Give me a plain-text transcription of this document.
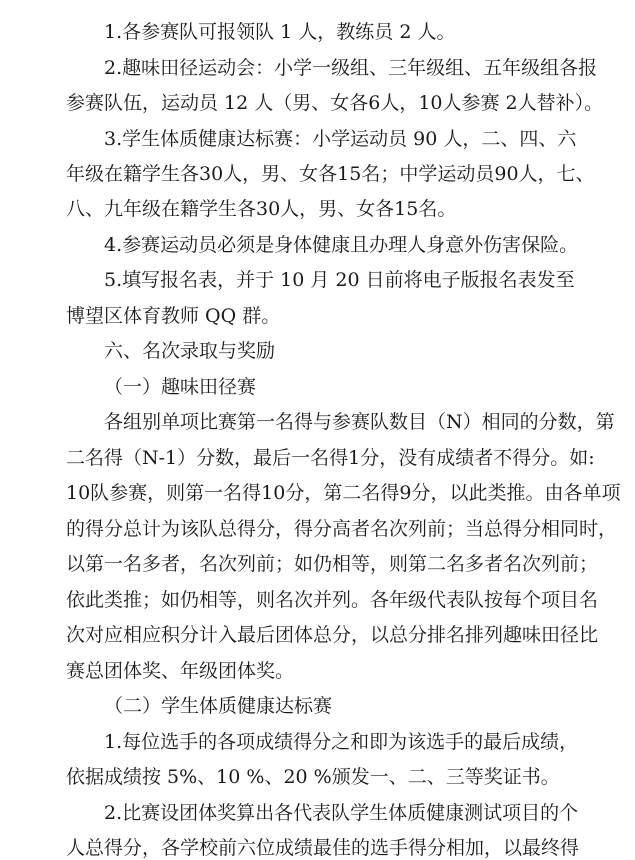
1.各参赛队可报领队 1 人，教练员 2 人。
2.趣味田径运动会：小学一级组、三年级组、五年级组各报
参赛队伍，运动员 12 人（男、女各6人，10人参赛 2人替补）。
3.学生体质健康达标赛：小学运动员 90 人，二、四、六
年级在籍学生各30人，男、女各15名；中学运动员90人，七、
八、九年级在籍学生各30人，男、女各15名。
4.参赛运动员必须是身体健康且办理人身意外伤害保险。
5.填写报名表，并于 10 月 20 日前将电子版报名表发至
博望区体育教师 QQ 群。
六、名次录取与奖励
（一）趣味田径赛
各组别单项比赛第一名得与参赛队数目（N）相同的分数，第
二名得（N-1）分数，最后一名得1分，没有成绩者不得分。如:
10队参赛，则第一名得10分，第二名得9分，以此类推。由各单项
的得分总计为该队总得分，得分高者名次列前；当总得分相同时，
以第一名多者，名次列前；如仍相等，则第二名多者名次列前；
依此类推；如仍相等，则名次并列。各年级代表队按每个项目名
次对应相应积分计入最后团体总分，以总分排名排列趣味田径比
赛总团体奖、年级团体奖。
（二）学生体质健康达标赛
1.每位选手的各项成绩得分之和即为该选手的最后成绩，
依据成绩按 5%、10 %、20 %颁发一、二、三等奖证书。
2.比赛设团体奖算出各代表队学生体质健康测试项目的个
人总得分，各学校前六位成绩最佳的选手得分相加，以最终得
